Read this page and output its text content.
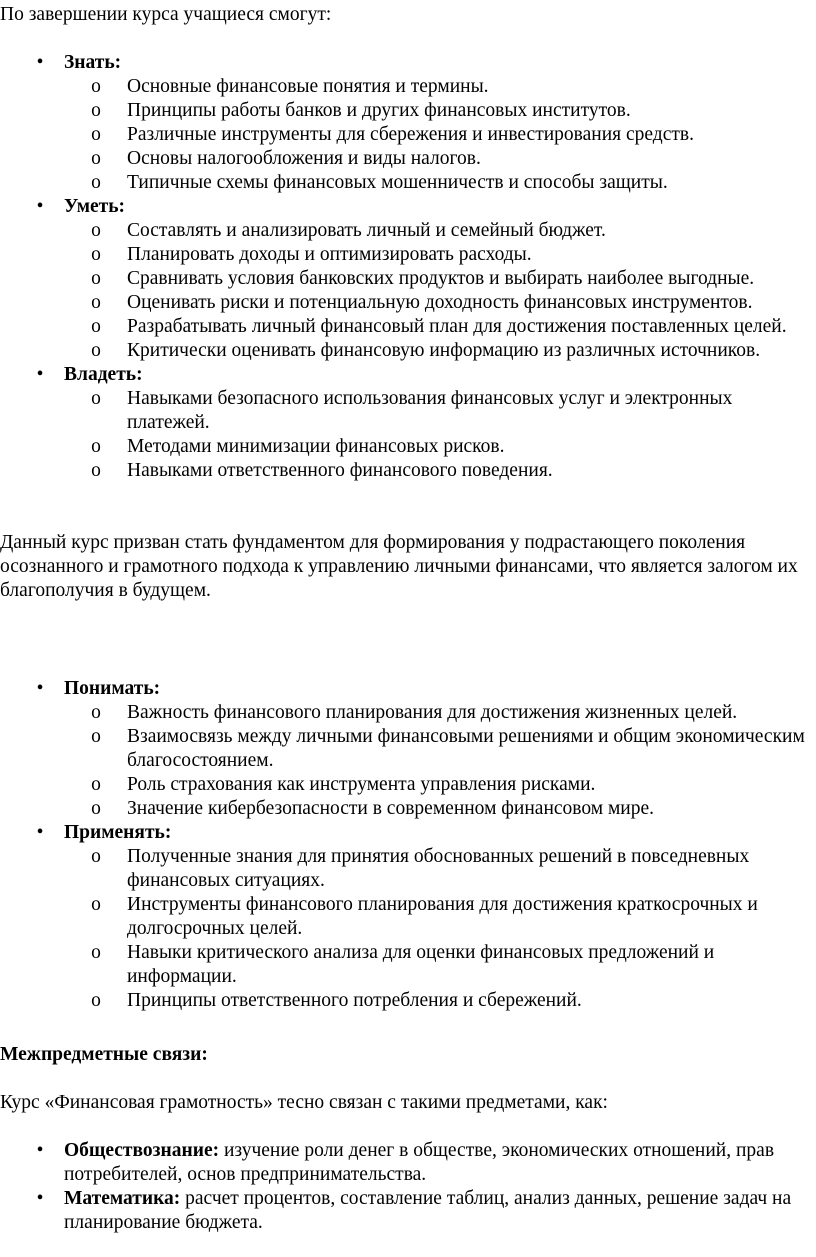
По завершении курса учащиеся смогут:

• Знать:
o Основные финансовые понятия и термины.
o Принципы работы банков и других финансовых институтов.
o Различные инструменты для сбережения и инвестирования средств.
o Основы налогообложения и виды налогов.
o Типичные схемы финансовых мошенничеств и способы защиты.
• Уметь:
o Составлять и анализировать личный и семейный бюджет.
o Планировать доходы и оптимизировать расходы.
o Сравнивать условия банковских продуктов и выбирать наиболее выгодные.
o Оценивать риски и потенциальную доходность финансовых инструментов.
o Разрабатывать личный финансовый план для достижения поставленных целей.
o Критически оценивать финансовую информацию из различных источников.
• Владеть:
o Навыками безопасного использования финансовых услуг и электронных платежей.
o Методами минимизации финансовых рисков.
o Навыками ответственного финансового поведения.

Данный курс призван стать фундаментом для формирования у подрастающего поколения осознанного и грамотного подхода к управлению личными финансами, что является залогом их благополучия в будущем.

• Понимать:
o Важность финансового планирования для достижения жизненных целей.
o Взаимосвязь между личными финансовыми решениями и общим экономическим благосостоянием.
o Роль страхования как инструмента управления рисками.
o Значение кибербезопасности в современном финансовом мире.
• Применять:
o Полученные знания для принятия обоснованных решений в повседневных финансовых ситуациях.
o Инструменты финансового планирования для достижения краткосрочных и долгосрочных целей.
o Навыки критического анализа для оценки финансовых предложений и информации.
o Принципы ответственного потребления и сбережений.

Межпредметные связи:

Курс «Финансовая грамотность» тесно связан с такими предметами, как:

• Обществознание: изучение роли денег в обществе, экономических отношений, прав потребителей, основ предпринимательства.
• Математика: расчет процентов, составление таблиц, анализ данных, решение задач на планирование бюджета.
